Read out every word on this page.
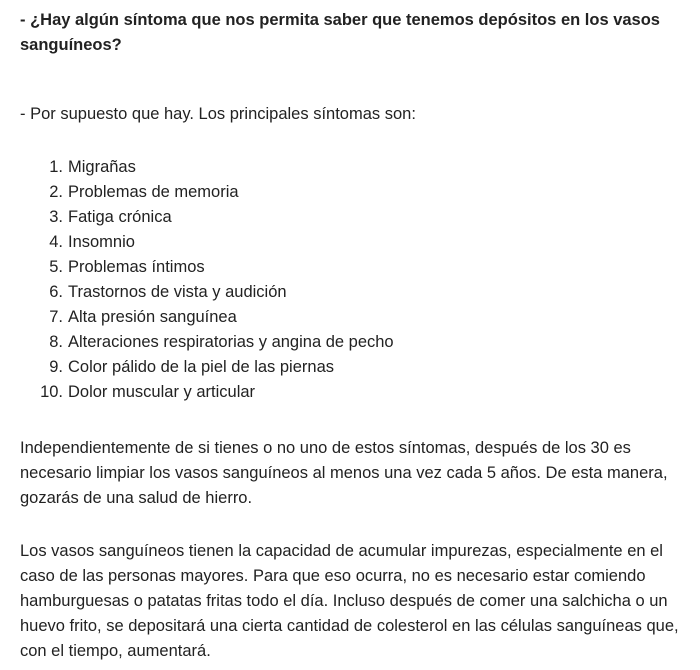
- ¿Hay algún síntoma que nos permita saber que tenemos depósitos en los vasos sanguíneos?

- Por supuesto que hay. Los principales síntomas son:

1. Migrañas
2. Problemas de memoria
3. Fatiga crónica
4. Insomnio
5. Problemas íntimos
6. Trastornos de vista y audición
7. Alta presión sanguínea
8. Alteraciones respiratorias y angina de pecho
9. Color pálido de la piel de las piernas
10. Dolor muscular y articular

Independientemente de si tienes o no uno de estos síntomas, después de los 30 es necesario limpiar los vasos sanguíneos al menos una vez cada 5 años. De esta manera, gozarás de una salud de hierro.

Los vasos sanguíneos tienen la capacidad de acumular impurezas, especialmente en el caso de las personas mayores. Para que eso ocurra, no es necesario estar comiendo hamburguesas o patatas fritas todo el día. Incluso después de comer una salchicha o un huevo frito, se depositará una cierta cantidad de colesterol en las células sanguíneas que, con el tiempo, aumentará.
